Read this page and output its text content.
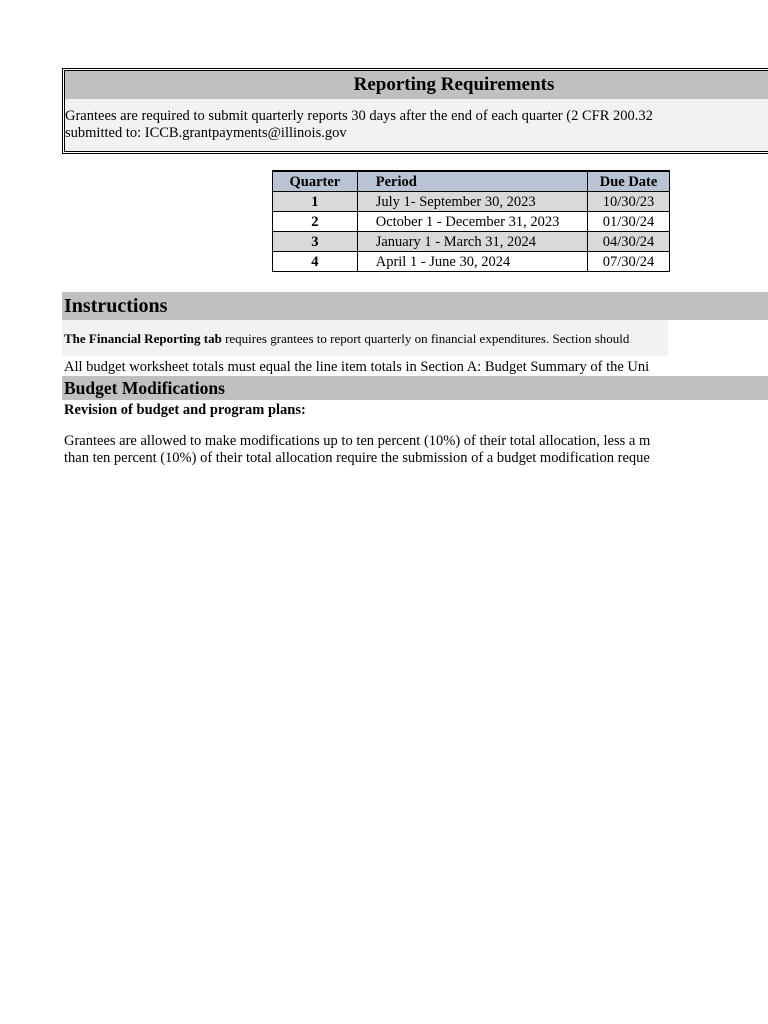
Reporting Requirements
Grantees are required to submit quarterly reports 30 days after the end of each quarter (2 CFR 200.32
submitted to: ICCB.grantpayments@illinois.gov
Quarter	Period	Due Date
1	July 1- September 30, 2023	10/30/23
2	October 1 - December 31, 2023	01/30/24
3	January 1 - March 31, 2024	04/30/24
4	April 1 - June 30, 2024	07/30/24
Instructions
The Financial Reporting tab requires grantees to report quarterly on financial expenditures. Section should
All budget worksheet totals must equal the line item totals in Section A: Budget Summary of the Uni
Budget Modifications
Revision of budget and program plans:
Grantees are allowed to make modifications up to ten percent (10%) of their total allocation, less a m
than ten percent (10%) of their total allocation require the submission of a budget modification reque
